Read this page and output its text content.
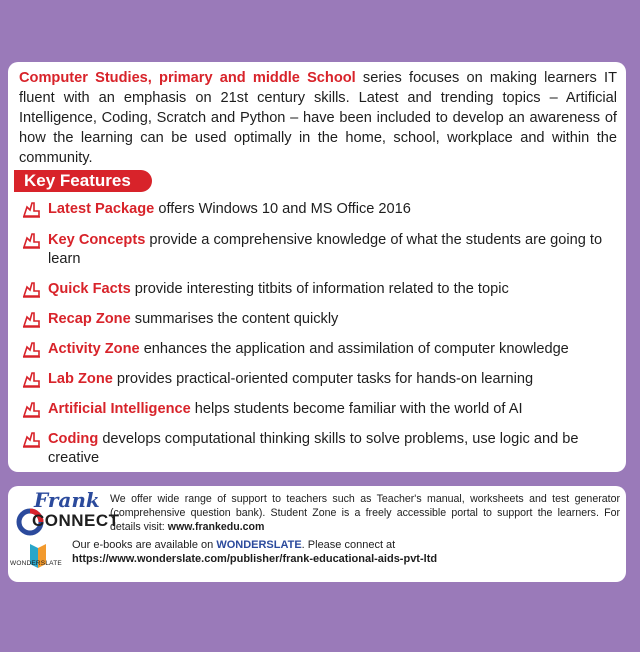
Computer Studies, primary and middle School series focuses on making learners IT fluent with an emphasis on 21st century skills. Latest and trending topics – Artificial Intelligence, Coding, Scratch and Python – have been included to develop an awareness of how the learning can be used optimally in the home, school, workplace and within the community.
Key Features
Latest Package offers Windows 10 and MS Office 2016
Key Concepts provide a comprehensive knowledge of what the students are going to learn
Quick Facts provide interesting titbits of information related to the topic
Recap Zone summarises the content quickly
Activity Zone enhances the application and assimilation of computer knowledge
Lab Zone provides practical-oriented computer tasks for hands-on learning
Artificial Intelligence helps students become familiar with the world of AI
Coding develops computational thinking skills to solve problems, use logic and be creative
Frank
CONNECT
We offer wide range of support to teachers such as Teacher's manual, worksheets and test generator (comprehensive question bank). Student Zone is a freely accessible portal to support the learners. For details visit: www.frankedu.com
WONDERSLATE
Our e-books are available on WONDERSLATE. Please connect at
https://www.wonderslate.com/publisher/frank-educational-aids-pvt-ltd
